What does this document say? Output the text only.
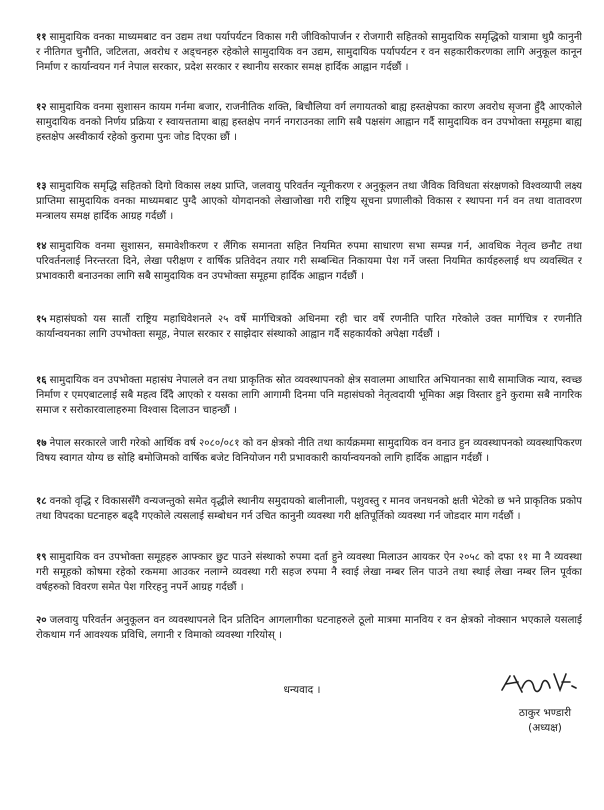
११ सामुदायिक वनका माध्यमबाट वन उद्यम तथा पर्यापर्यटन विकास गरी जीविकोपार्जन र रोजगारी सहितको सामुदायिक समृद्धिको यात्रामा थुप्रै कानुनी र नीतिगत चुनौति, जटिलता, अवरोध र अड्चनहरु रहेकोले सामुदायिक वन उद्यम, सामुदायिक पर्यापर्यटन र वन सहकारीकरणका लागि अनुकूल कानून निर्माण र कार्यान्वयन गर्न नेपाल सरकार, प्रदेश सरकार र स्थानीय सरकार समक्ष हार्दिक आह्वान गर्दछौं ।
१२ सामुदायिक वनमा सुशासन कायम गर्नमा बजार, राजनीतिक शक्ति, बिचौलिया वर्ग लगायतको बाह्य हस्तक्षेपका कारण अवरोध सृजना हुँदै आएकोले सामुदायिक वनको निर्णय प्रक्रिया र स्वायत्ततामा बाह्य हस्तक्षेप नगर्न नगराउनका लागि सबै पक्षसंग आह्वान गर्दै सामुदायिक वन उपभोक्ता समूहमा बाह्य हस्तक्षेप अस्वीकार्य रहेको कुरामा पुनः जोड दिएका छौं ।
१३ सामुदायिक समृद्धि सहितको दिगो विकास लक्ष्य प्राप्ति, जलवायु परिवर्तन न्यूनीकरण र अनुकूलन तथा जैविक विविधता संरक्षणको विश्वव्यापी लक्ष्य प्राप्तिमा सामुदायिक वनका माध्यमबाट पुग्दै आएको योगदानको लेखाजोखा गरी राष्ट्रिय सूचना प्रणालीको विकास र स्थापना गर्न वन तथा वातावरण मन्त्रालय समक्ष हार्दिक आग्रह गर्दछौं ।
१४ सामुदायिक वनमा सुशासन, समावेशीकरण र लैंगिक समानता सहित नियमित रुपमा साधारण सभा सम्पन्न गर्न, आवधिक नेतृत्व छनौट तथा परिवर्तनलाई निरन्तरता दिने, लेखा परीक्षण र वार्षिक प्रतिवेदन तयार गरी सम्बन्धित निकायमा पेश गर्ने जस्ता नियमित कार्यहरुलाई थप व्यवस्थित र प्रभावकारी बनाउनका लागि सबै सामुदायिक वन उपभोक्ता समूहमा हार्दिक आह्वान गर्दछौं ।
१५ महासंघको यस सातौं राष्ट्रिय महाधिवेशनले २५ वर्षे मार्गचित्रको अधिनमा रही चार वर्षे रणनीति पारित गरेकोले उक्त मार्गचित्र र रणनीति कार्यान्वयनका लागि उपभोक्ता समूह, नेपाल सरकार र साझेदार संस्थाको आह्वान गर्दै सहकार्यको अपेक्षा गर्दछौं ।
१६ सामुदायिक वन उपभोक्ता महासंघ नेपालले वन तथा प्राकृतिक स्रोत व्यवस्थापनको क्षेत्र सवालमा आधारित अभियानका साथै सामाजिक न्याय, स्वच्छ निर्माण र एमएबाटलाई सबै महत्व दिँदै आएको र यसका लागि आगामी दिनमा पनि महासंघको नेतृत्वदायी भूमिका अझ विस्तार हुने कुरामा सबै नागरिक समाज र सरोकारवालाहरुमा विश्वास दिलाउन चाहन्छौं ।
१७ नेपाल सरकारले जारी गरेको आर्थिक वर्ष २०८०/०८१ को वन क्षेत्रको नीति तथा कार्यक्रममा सामुदायिक वन वनाउ हुन व्यवस्थापनको व्यवस्थापिकरण विषय स्वागत योग्य छ सोहि बमोजिमको वार्षिक बजेट विनियोजन गरी प्रभावकारी कार्यान्वयनको लागि हार्दिक आह्वान गर्दछौं ।
१८ वनको वृद्धि र विकाससँगै वन्यजन्तुको समेत वृद्धीले स्थानीय समुदायको बालीनाली, पशुवस्तु र मानव जनधनको क्षती भेटेको छ भने प्राकृतिक प्रकोप तथा विपदका घटनाहरु बढ्दै गएकोले त्यसलाई सम्बोधन गर्न उचित कानुनी व्यवस्था गरी क्षतिपूर्तिको व्यवस्था गर्न जोडदार माग गर्दछौं ।
१९ सामुदायिक वन उपभोक्ता समूहहरु आफ्कार छुट पाउने संस्थाको रुपमा दर्ता हुने व्यवस्था मिलाउन आयकर ऐन २०५८ को दफा ११ मा नै व्यवस्था गरी समूहको कोषमा रहेको रकममा आउकर नलाग्ने व्यवस्था गरी सहज रुपमा नै स्वाई लेखा नम्बर लिन पाउने तथा स्थाई लेखा नम्बर लिन पूर्वका वर्षहरुको विवरण समेत पेश गरिरहनु नपर्ने आग्रह गर्दछौं ।
२० जलवायु परिवर्तन अनुकूलन वन व्यवस्थापनले दिन प्रतिदिन आगलागीका घटनाहरुले ठूलो मात्रमा मानविय र वन क्षेत्रको नोक्सान भएकाले यसलाई रोकथाम गर्न आवश्यक प्रविधि, लगानी र विमाको व्यवस्था गरियोस् ।
धन्यवाद ।
ठाकुर भण्डारी
(अध्यक्ष)
